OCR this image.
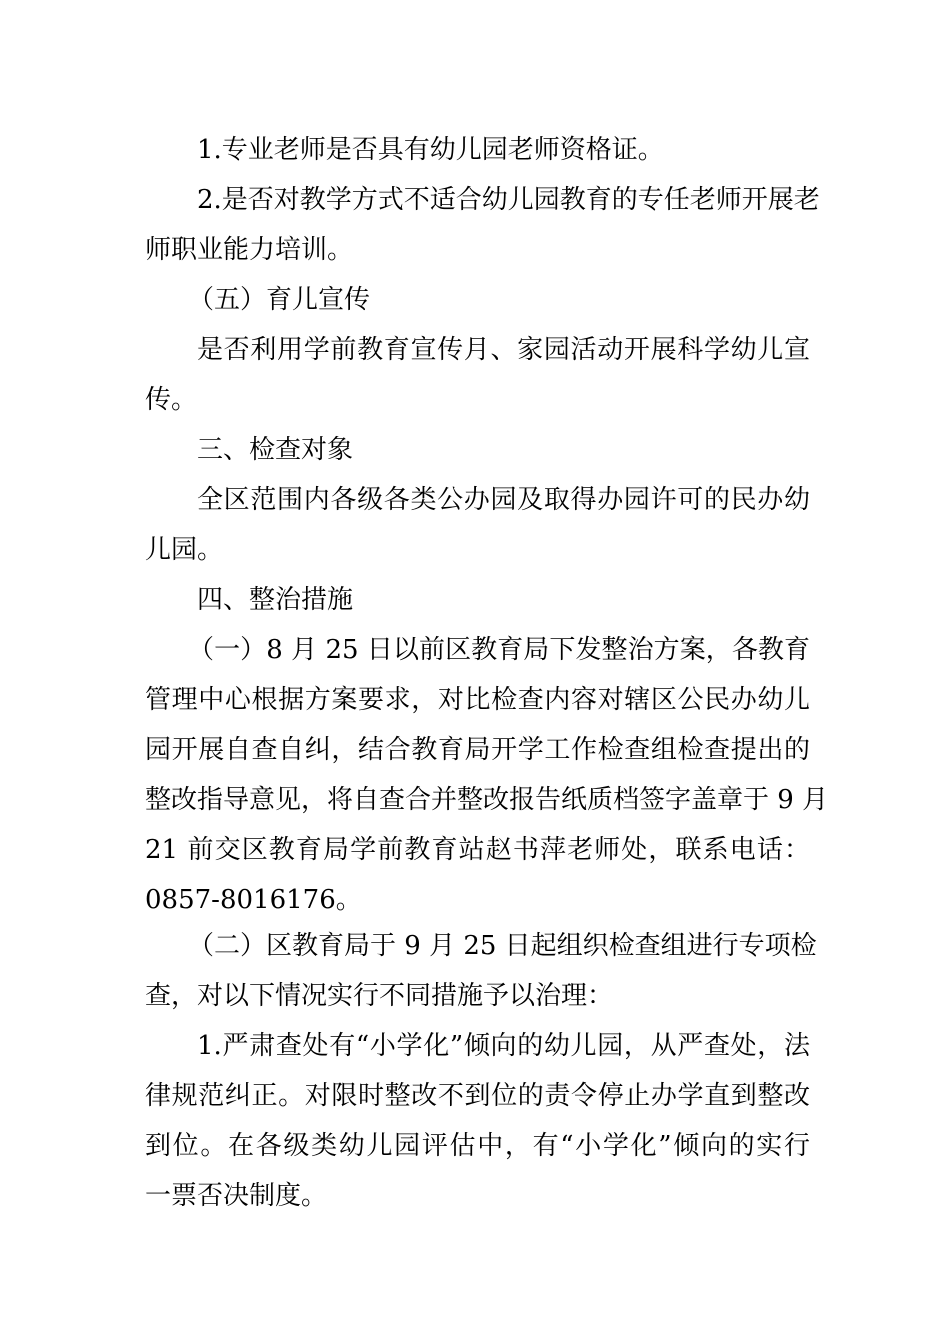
1.专业老师是否具有幼儿园老师资格证。
2.是否对教学方式不适合幼儿园教育的专任老师开展老
师职业能力培训。
（五）育儿宣传
是否利用学前教育宣传月、家园活动开展科学幼儿宣
传。
三、检查对象
全区范围内各级各类公办园及取得办园许可的民办幼
儿园。
四、整治措施
（一）8 月 25 日以前区教育局下发整治方案，各教育
管理中心根据方案要求，对比检查内容对辖区公民办幼儿
园开展自查自纠，结合教育局开学工作检查组检查提出的
整改指导意见，将自查合并整改报告纸质档签字盖章于 9 月
21 前交区教育局学前教育站赵书萍老师处，联系电话：
0857-8016176。
（二）区教育局于 9 月 25 日起组织检查组进行专项检
查，对以下情况实行不同措施予以治理：
1.严肃查处有“小学化”倾向的幼儿园，从严查处，法
律规范纠正。对限时整改不到位的责令停止办学直到整改
到位。在各级类幼儿园评估中，有“小学化”倾向的实行
一票否决制度。
